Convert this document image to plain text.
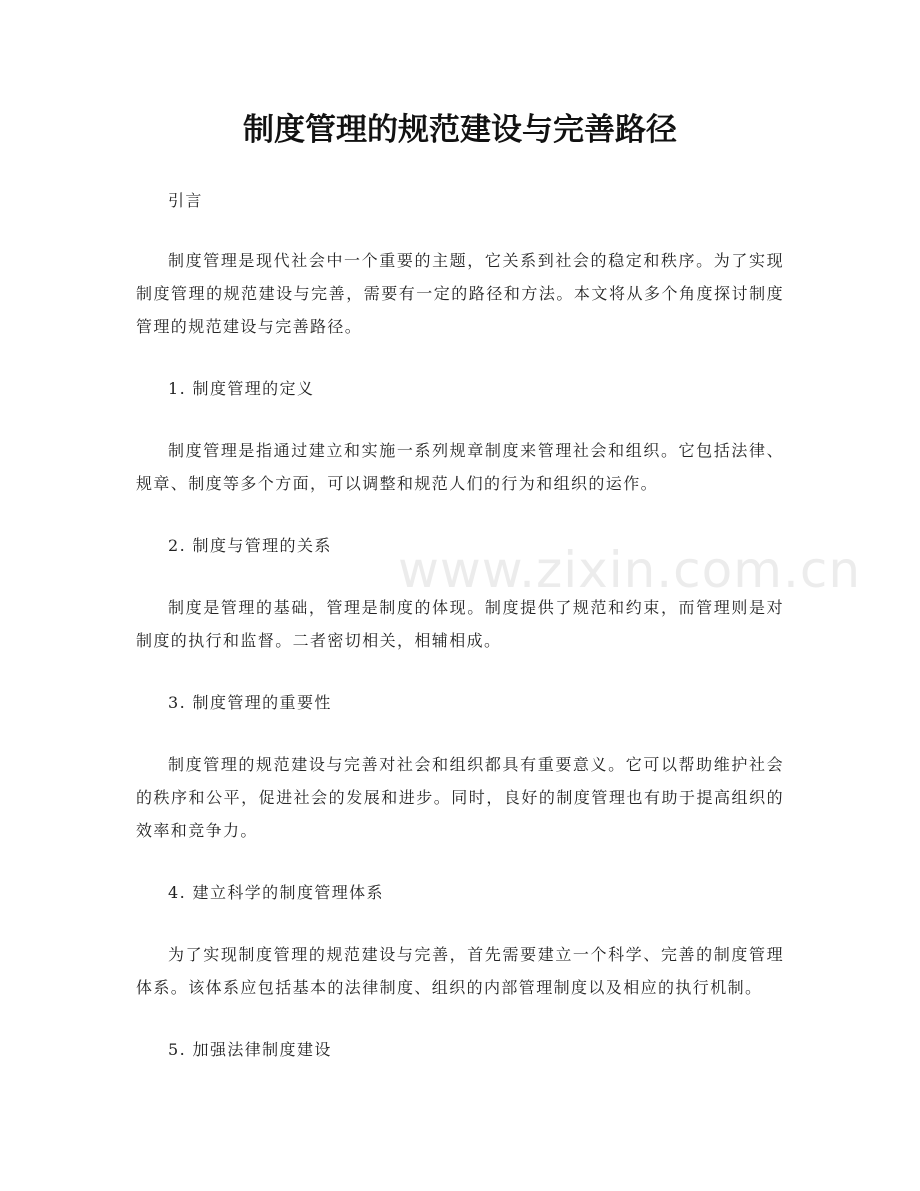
制度管理的规范建设与完善路径

引言

制度管理是现代社会中一个重要的主题，它关系到社会的稳定和秩序。为了实现制度管理的规范建设与完善，需要有一定的路径和方法。本文将从多个角度探讨制度管理的规范建设与完善路径。

1. 制度管理的定义

制度管理是指通过建立和实施一系列规章制度来管理社会和组织。它包括法律、规章、制度等多个方面，可以调整和规范人们的行为和组织的运作。

2. 制度与管理的关系

制度是管理的基础，管理是制度的体现。制度提供了规范和约束，而管理则是对制度的执行和监督。二者密切相关，相辅相成。

3. 制度管理的重要性

制度管理的规范建设与完善对社会和组织都具有重要意义。它可以帮助维护社会的秩序和公平，促进社会的发展和进步。同时，良好的制度管理也有助于提高组织的效率和竞争力。

4. 建立科学的制度管理体系

为了实现制度管理的规范建设与完善，首先需要建立一个科学、完善的制度管理体系。该体系应包括基本的法律制度、组织的内部管理制度以及相应的执行机制。

5. 加强法律制度建设

www.zixin.com.cn
